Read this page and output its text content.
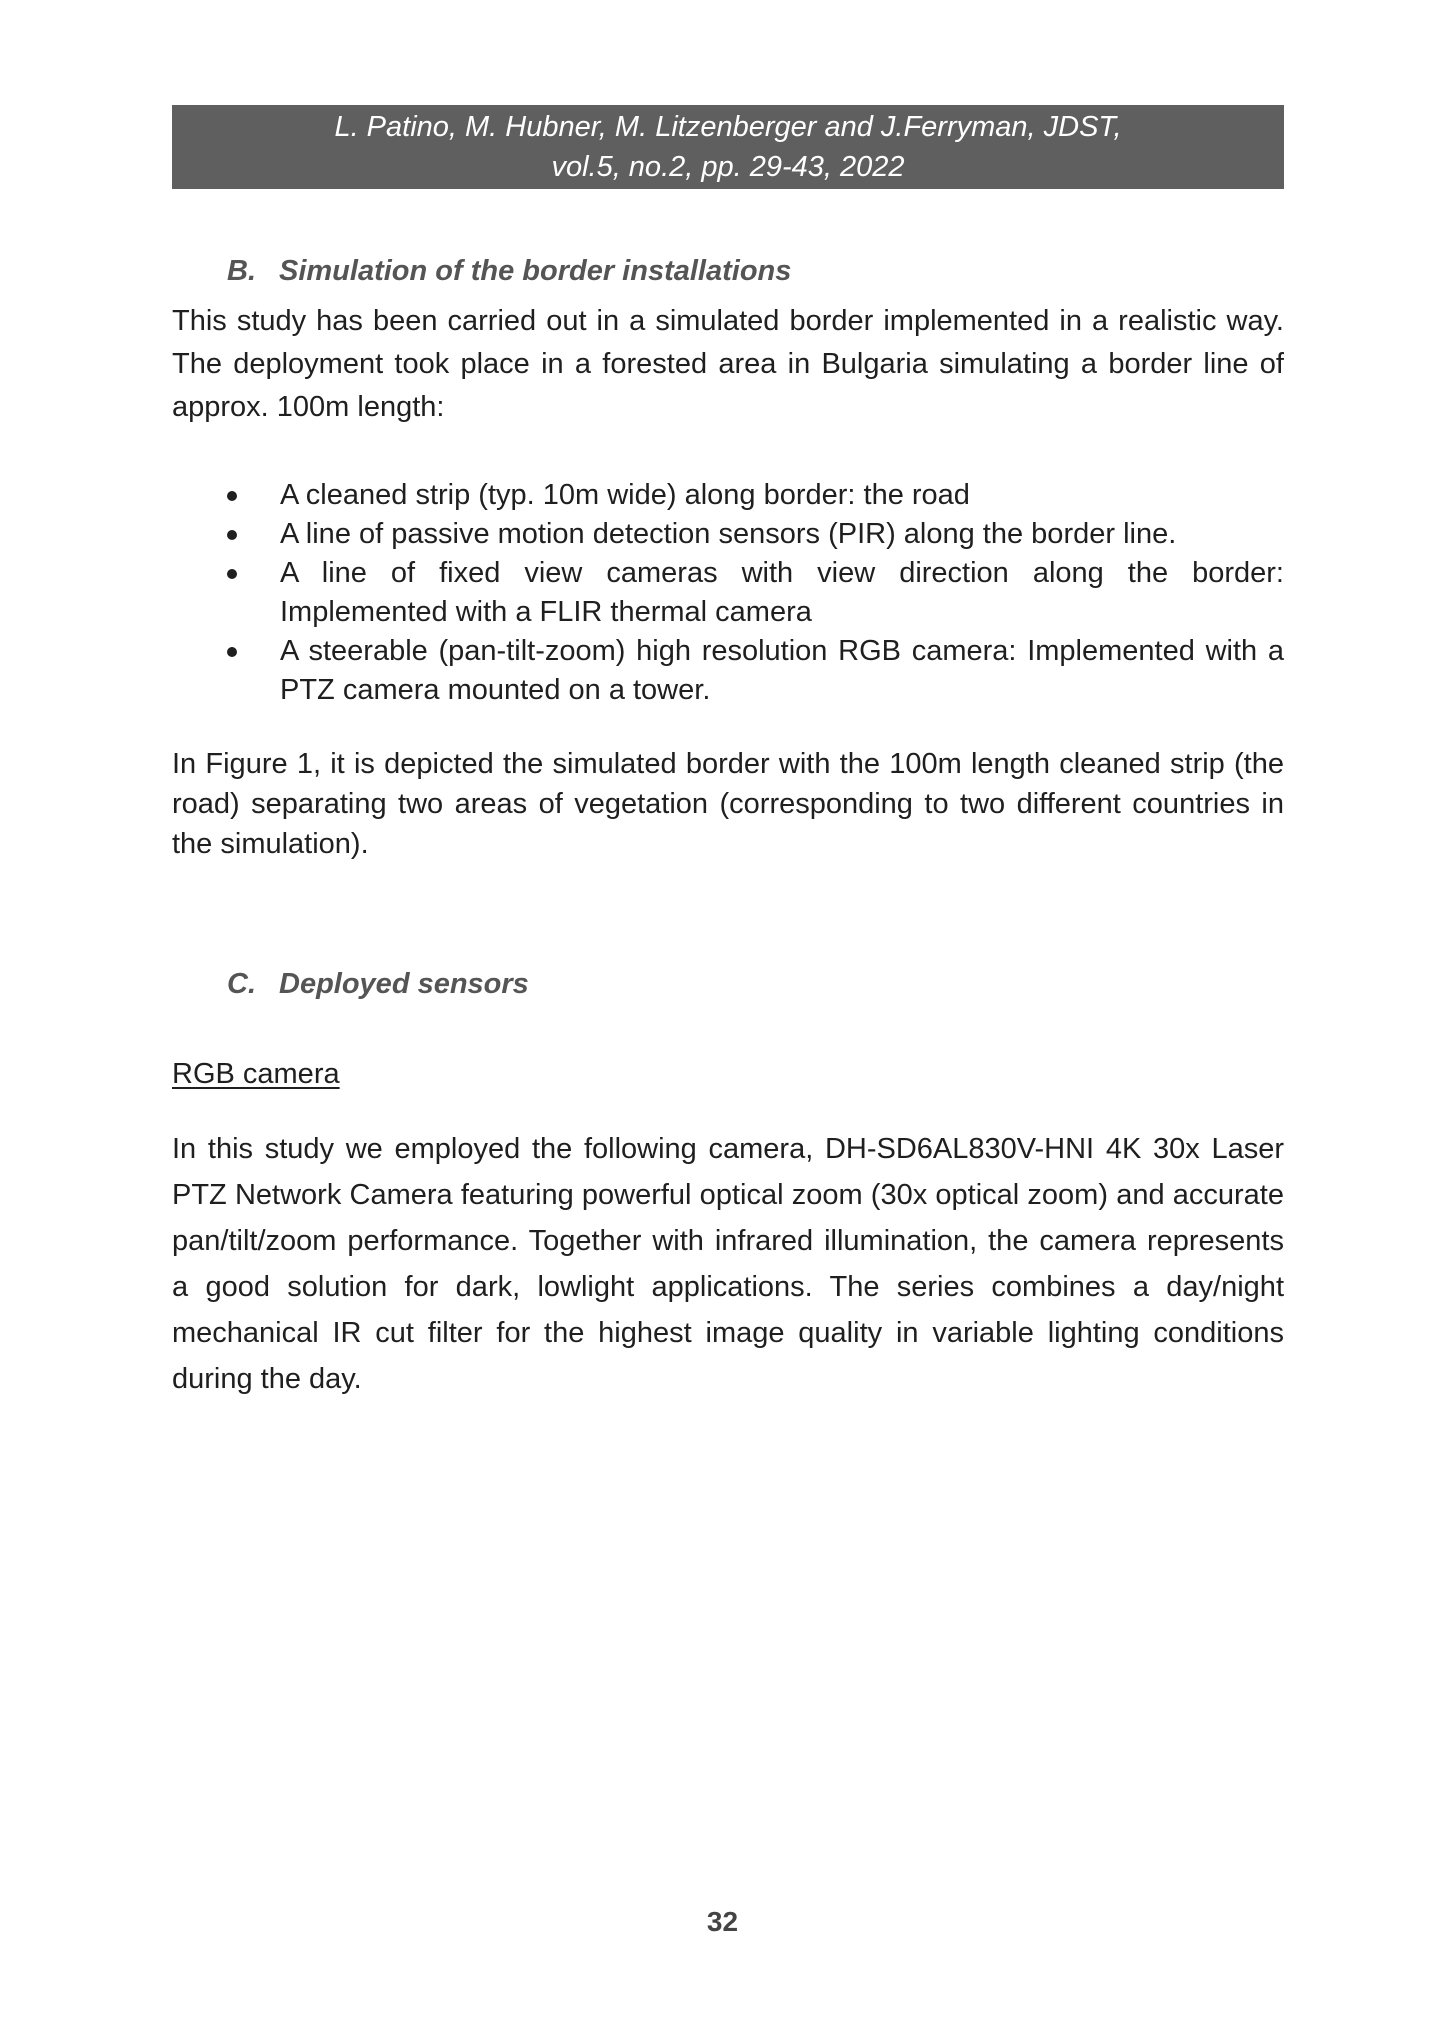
L. Patino, M. Hubner, M. Litzenberger and J.Ferryman, JDST,
vol.5, no.2, pp. 29-43, 2022
B. Simulation of the border installations

This study has been carried out in a simulated border implemented in a realistic way. The deployment took place in a forested area in Bulgaria simulating a border line of approx. 100m length:

A cleaned strip (typ. 10m wide) along border: the road
A line of passive motion detection sensors (PIR) along the border line.
A line of fixed view cameras with view direction along the border: Implemented with a FLIR thermal camera
A steerable (pan-tilt-zoom) high resolution RGB camera: Implemented with a PTZ camera mounted on a tower.

In Figure 1, it is depicted the simulated border with the 100m length cleaned strip (the road) separating two areas of vegetation (corresponding to two different countries in the simulation).

C. Deployed sensors
RGB camera

In this study we employed the following camera, DH-SD6AL830V-HNI 4K 30x Laser PTZ Network Camera featuring powerful optical zoom (30x optical zoom) and accurate pan/tilt/zoom performance. Together with infrared illumination, the camera represents a good solution for dark, lowlight applications. The series combines a day/night mechanical IR cut filter for the highest image quality in variable lighting conditions during the day.

32
